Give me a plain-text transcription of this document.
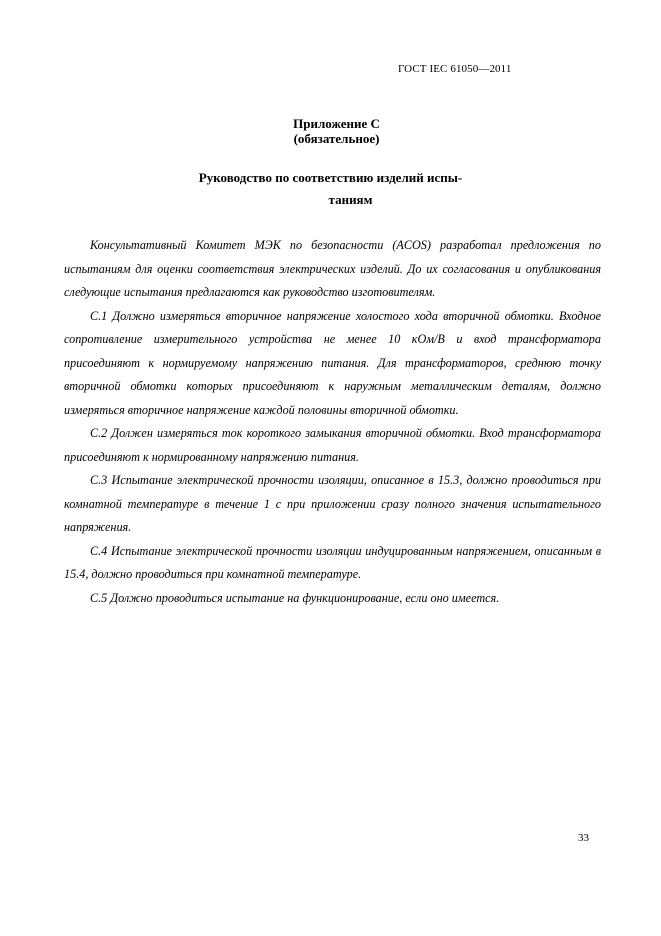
ГОСТ IEC 61050—2011
Приложение С
(обязательное)
Руководство по соответствию изделий испы-
таниям

Консультативный Комитет МЭК по безопасности (ACOS) разработал предложения по испытаниям для оценки соответствия электрических изделий. До их согласования и опубликования следующие испытания предлагаются как руководство изготовителям.

С.1 Должно измеряться вторичное напряжение холостого хода вторичной обмотки. Входное сопротивление измерительного устройства не менее 10 кОм/В и вход трансформатора присоединяют к нормируемому напряжению питания. Для трансформаторов, среднюю точку вторичной обмотки которых присоединяют к наружным металлическим деталям, должно измеряться вторичное напряжение каждой половины вторичной обмотки.

С.2 Должен измеряться ток короткого замыкания вторичной обмотки. Вход трансформатора присоединяют к нормированному напряжению питания.

С.3 Испытание электрической прочности изоляции, описанное в 15.3, должно проводиться при комнатной температуре в течение 1 с при приложении сразу полного значения испытательного напряжения.

С.4 Испытание электрической прочности изоляции индуцированным напряжением, описанным в 15.4, должно проводиться при комнатной температуре.

С.5 Должно проводиться испытание на функционирование, если оно имеется.

33
